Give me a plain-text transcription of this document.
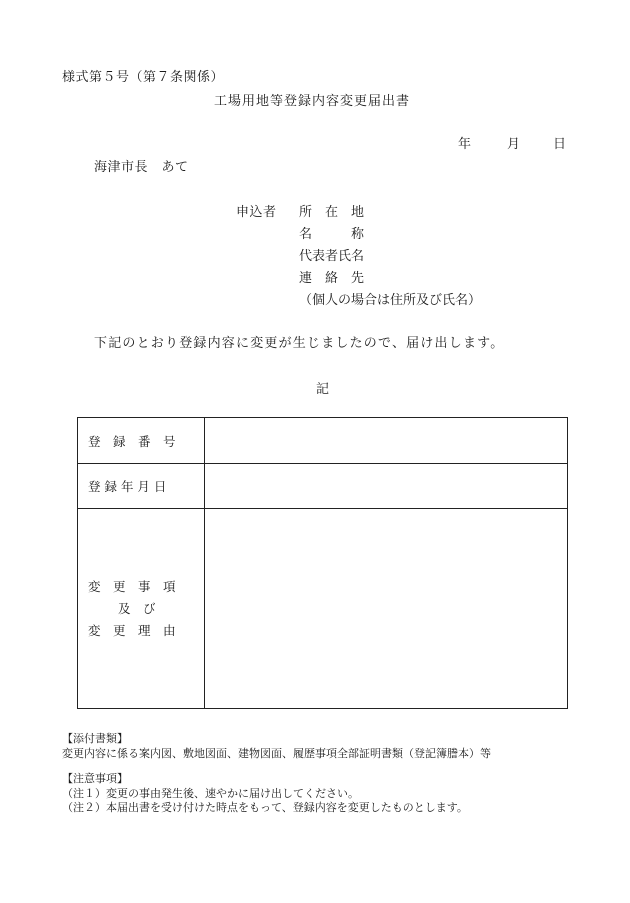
様式第５号（第７条関係）
工場用地等登録内容変更届出書
年	月	日
海津市長　あて
申込者 所　在　地
名　　　称
代表者氏名
連　絡　先
（個人の場合は住所及び氏名）
下記のとおり登録内容に変更が生じましたので、届け出します。
記
登　録　番　号
登 録 年 月 日
変　更　事　項
及　び
変　更　理　由
【添付書類】
変更内容に係る案内図、敷地図面、建物図面、履歴事項全部証明書類（登記簿謄本）等
【注意事項】
（注１）変更の事由発生後、速やかに届け出してください。
（注２）本届出書を受け付けた時点をもって、登録内容を変更したものとします。
